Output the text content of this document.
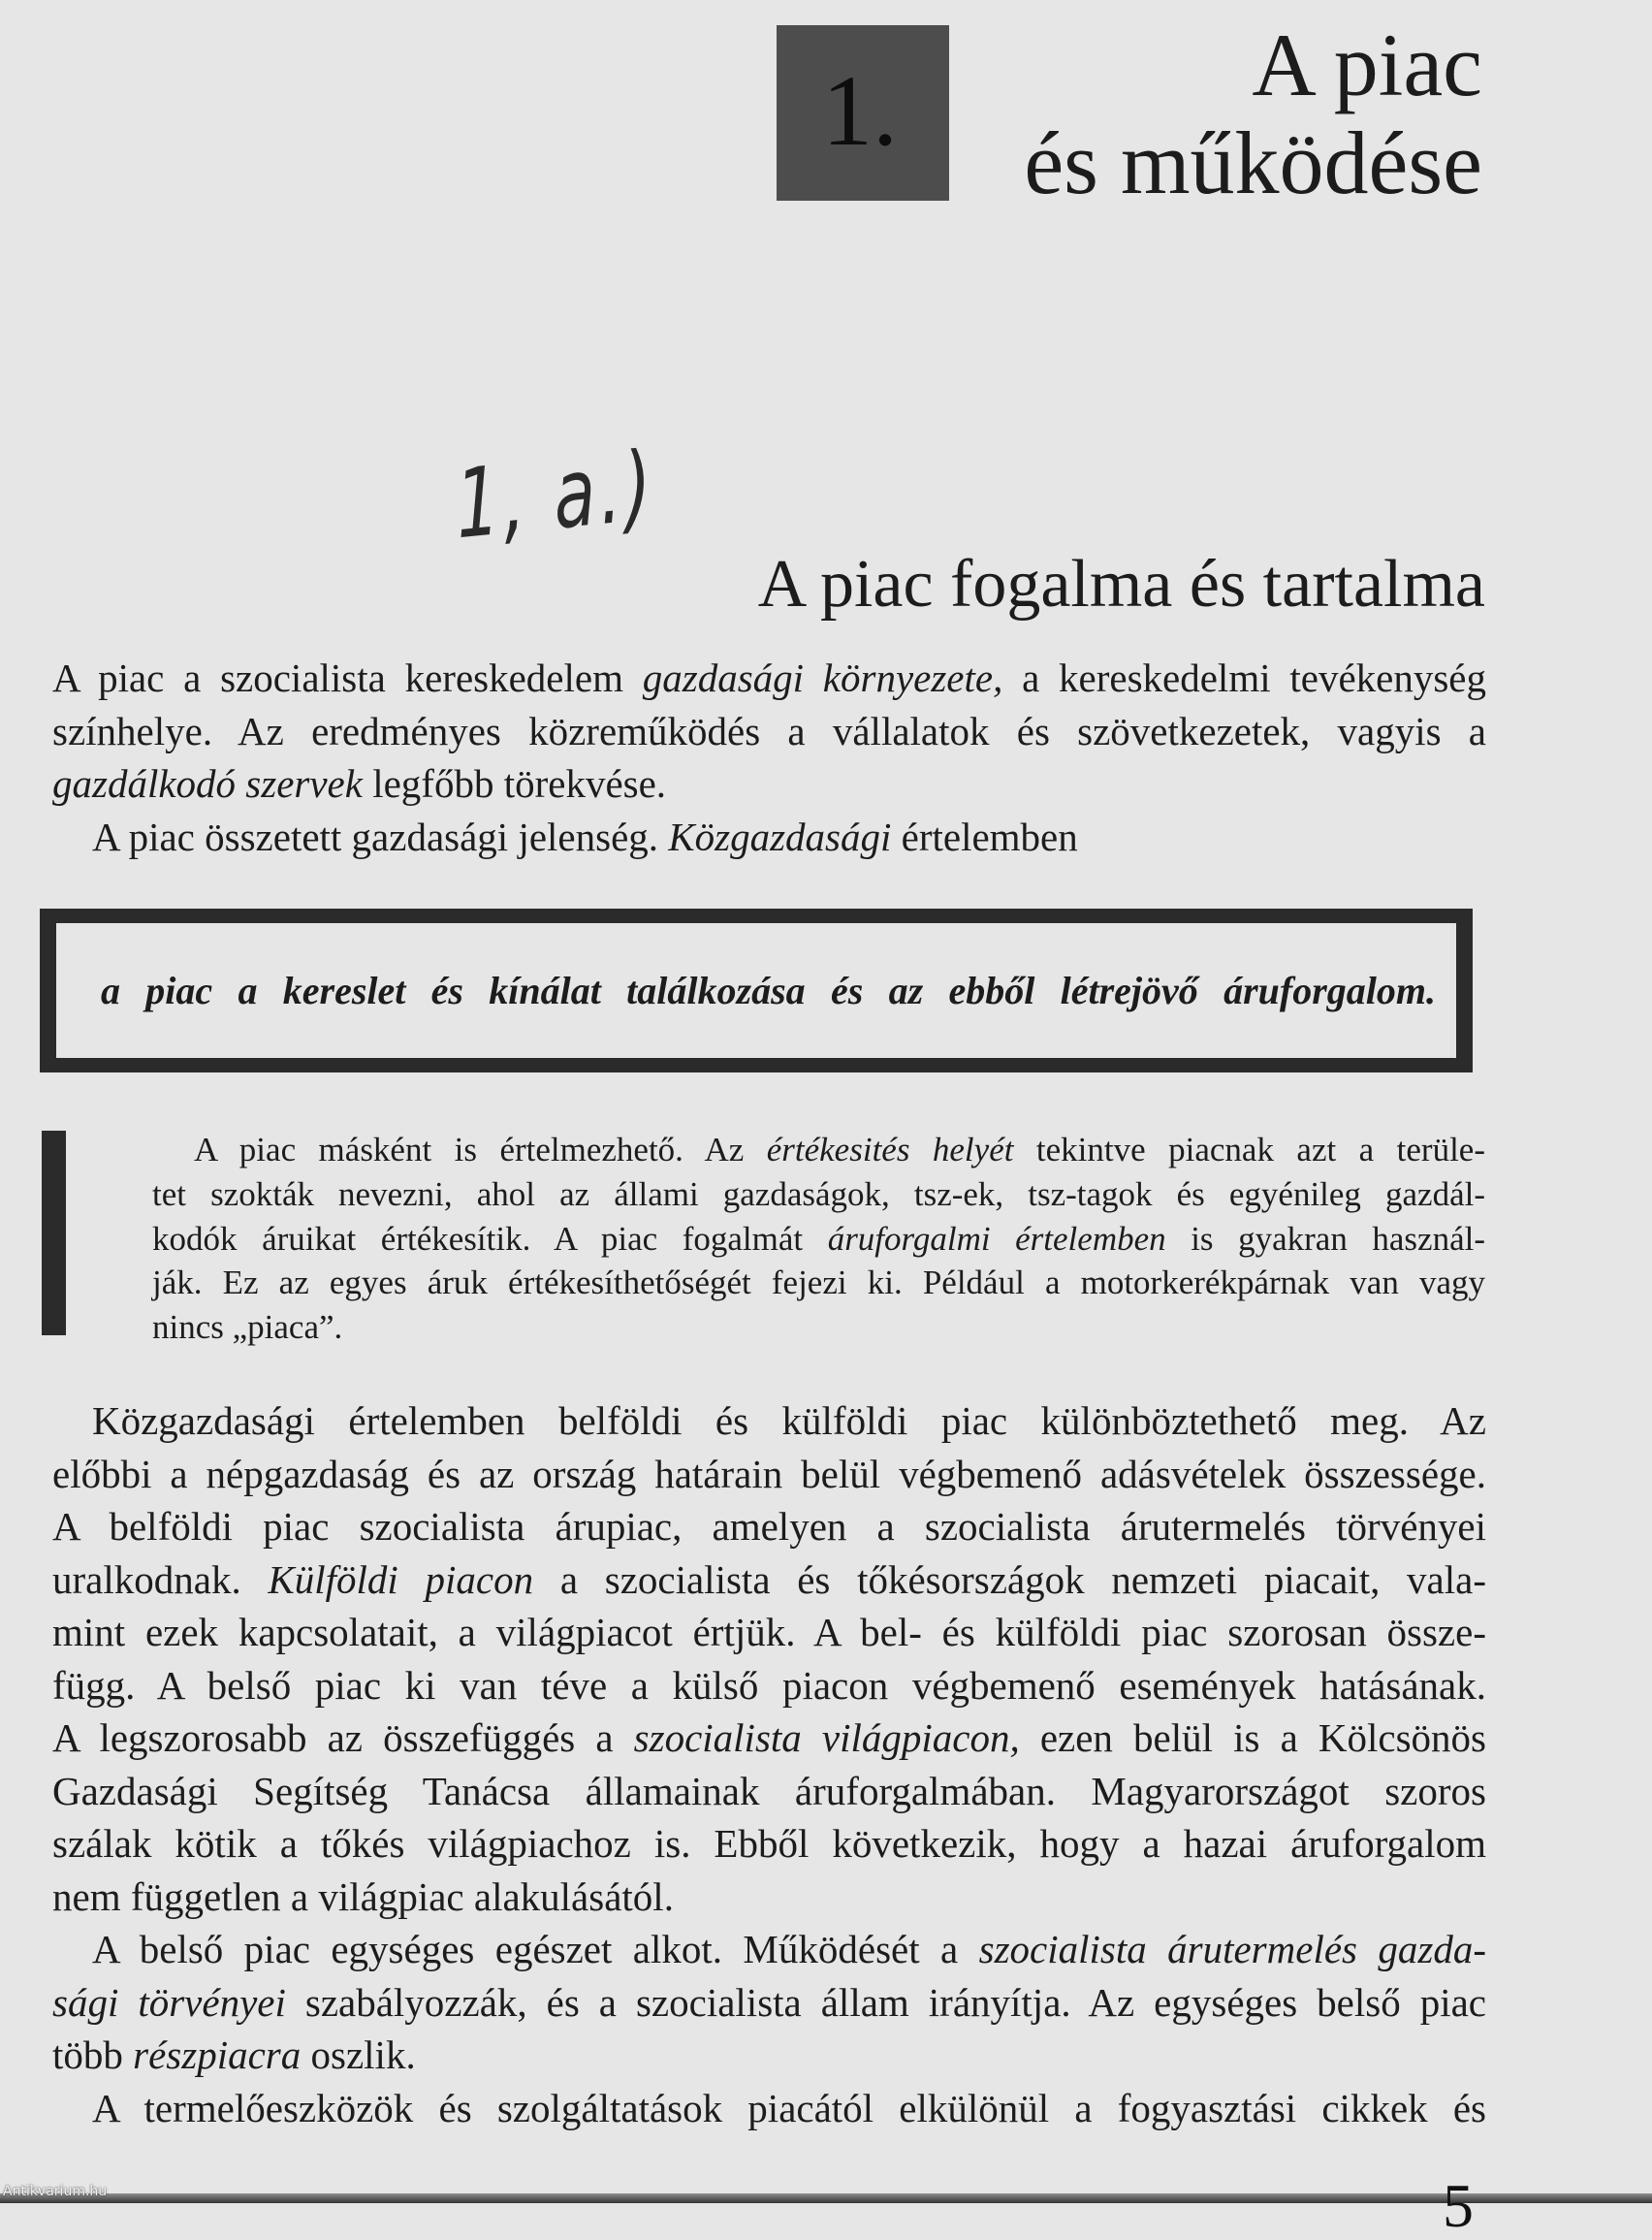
1.	A piac
és működése
1, a.)
A piac fogalma és tartalma
A piac a szocialista kereskedelem gazdasági környezete, a kereskedelmi tevékenység
színhelye. Az eredményes közreműködés a vállalatok és szövetkezetek, vagyis a
gazdálkodó szervek legfőbb törekvése.
A piac összetett gazdasági jelenség. Közgazdasági értelemben
a piac a kereslet és kínálat találkozása és az ebből létrejövő áruforgalom.
A piac másként is értelmezhető. Az értékesités helyét tekintve piacnak azt a terüle-
tet szokták nevezni, ahol az állami gazdaságok, tsz-ek, tsz-tagok és egyénileg gazdál-
kodók áruikat értékesítik. A piac fogalmát áruforgalmi értelemben is gyakran használ-
ják. Ez az egyes áruk értékesíthetőségét fejezi ki. Például a motorkerékpárnak van vagy
nincs „piaca”.
Közgazdasági értelemben belföldi és külföldi piac különböztethető meg. Az
előbbi a népgazdaság és az ország határain belül végbemenő adásvételek összessége.
A belföldi piac szocialista árupiac, amelyen a szocialista árutermelés törvényei
uralkodnak. Külföldi piacon a szocialista és tőkésországok nemzeti piacait, vala-
mint ezek kapcsolatait, a világpiacot értjük. A bel- és külföldi piac szorosan össze-
függ. A belső piac ki van téve a külső piacon végbemenő események hatásának.
A legszorosabb az összefüggés a szocialista világpiacon, ezen belül is a Kölcsönös
Gazdasági Segítség Tanácsa államainak áruforgalmában. Magyarországot szoros
szálak kötik a tőkés világpiachoz is. Ebből következik, hogy a hazai áruforgalom
nem független a világpiac alakulásától.
A belső piac egységes egészet alkot. Működését a szocialista árutermelés gazda-
sági törvényei szabályozzák, és a szocialista állam irányítja. Az egységes belső piac
több részpiacra oszlik.
A termelőeszközök és szolgáltatások piacától elkülönül a fogyasztási cikkek és
5
Antikvarium.hu
